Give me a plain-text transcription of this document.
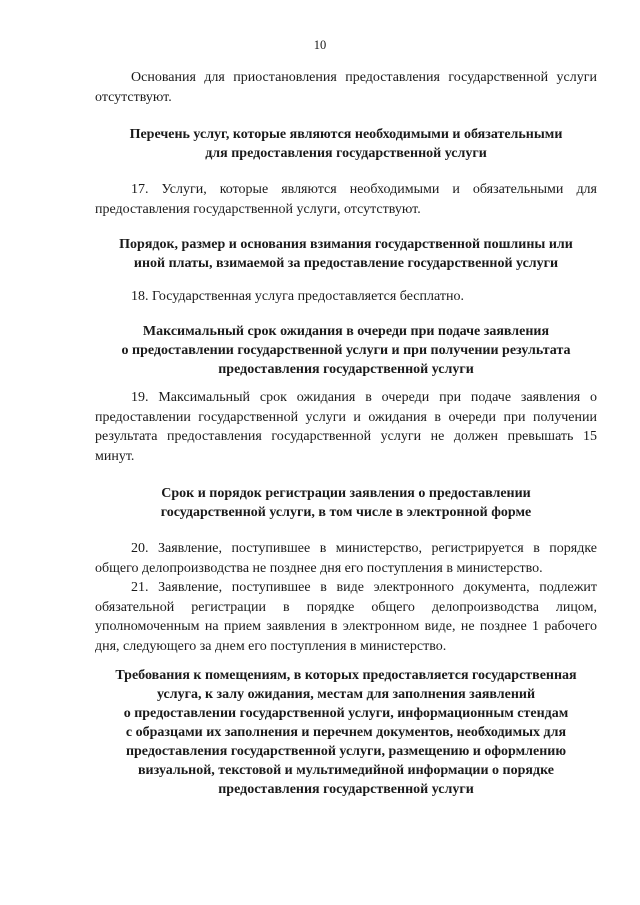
10

Основания для приостановления предоставления государственной услуги отсутствуют.

Перечень услуг, которые являются необходимыми и обязательными

для предоставления государственной услуги

17. Услуги, которые являются необходимыми и обязательными для предоставления государственной услуги, отсутствуют.

Порядок, размер и основания взимания государственной пошлины или

иной платы, взимаемой за предоставление государственной услуги

18. Государственная услуга предоставляется бесплатно.

Максимальный срок ожидания в очереди при подаче заявления

о предоставлении государственной услуги и при получении результата

предоставления государственной услуги

19. Максимальный срок ожидания в очереди при подаче заявления о предоставлении государственной услуги и ожидания в очереди при получении результата предоставления государственной услуги не должен превышать 15 минут.

Срок и порядок регистрации заявления о предоставлении

государственной услуги, в том числе в электронной форме

20. Заявление, поступившее в министерство, регистрируется в порядке общего делопроизводства не позднее дня его поступления в министерство.

21. Заявление, поступившее в виде электронного документа, подлежит обязательной регистрации в порядке общего делопроизводства лицом, уполномоченным на прием заявления в электронном виде, не позднее 1 рабочего дня, следующего за днем его поступления в министерство.

Требования к помещениям, в которых предоставляется государственная

услуга, к залу ожидания, местам для заполнения заявлений

о предоставлении государственной услуги, информационным стендам

с образцами их заполнения и перечнем документов, необходимых для

предоставления государственной услуги, размещению и оформлению

визуальной, текстовой и мультимедийной информации о порядке

предоставления государственной услуги
